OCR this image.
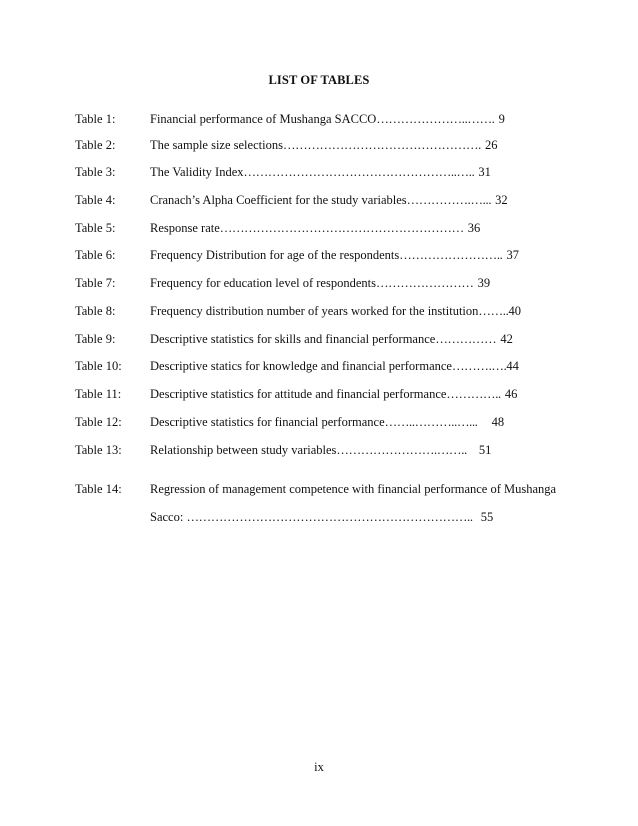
LIST OF TABLES
Table 1:	Financial performance of Mushanga SACCO…………………..……. 9
Table 2:	The sample size selections…………………………………………. 26
Table 3:	The Validity Index……………………………………………..….. 31
Table 4:	Cranach’s Alpha Coefficient for the study variables…………….…... 32
Table 5:	Response rate…………………………………………………… 36
Table 6:	Frequency Distribution for age of the respondents…………………….. 37
Table 7:	Frequency for education level of respondents…………………… 39
Table 8:	Frequency distribution number of years worked for the institution……..40
Table 9:	Descriptive statistics for skills and financial performance…………… 42
Table 10: Descriptive statics for knowledge and financial performance……….….44
Table 11: Descriptive statistics for attitude and financial performance………….. 46
Table 12: Descriptive statistics for financial performance……..………..…... 48
Table 13: Relationship between study variables…………………….…….. 51
Table 14: Regression of management competence with financial performance of Mushanga
Sacco: …………………………………………………………….. 55
ix
